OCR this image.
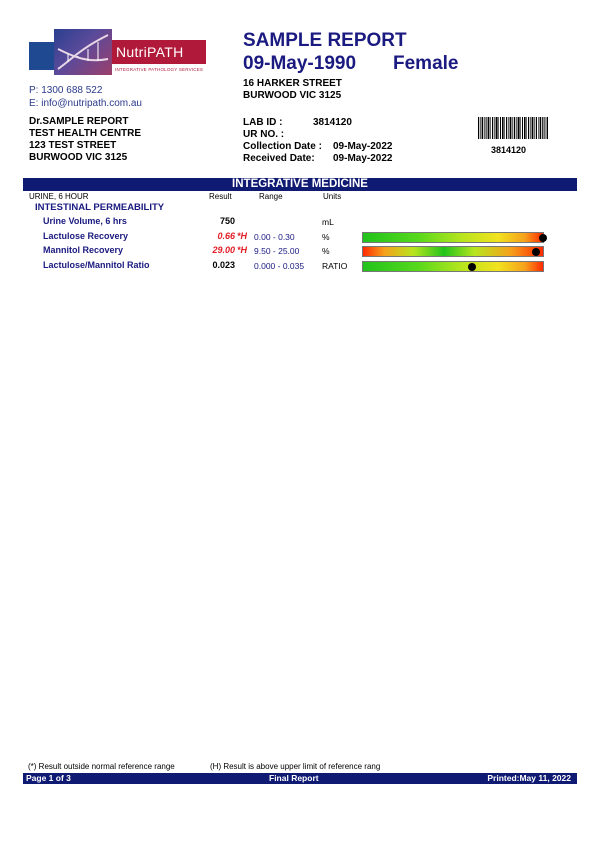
NutriPATH
INTEGRATIVE PATHOLOGY SERVICES
P: 1300 688 522
E: info@nutripath.com.au
SAMPLE REPORT
09-May-1990 Female
16 HARKER STREET
BURWOOD VIC 3125
Dr.SAMPLE REPORT
TEST HEALTH CENTRE
123 TEST STREET
BURWOOD VIC 3125
LAB ID :	3814120
UR NO. :
Collection Date : 09-May-2022
Received Date: 09-May-2022
3814120
INTEGRATIVE MEDICINE
URINE, 6 HOUR	Result	Range	Units
INTESTINAL PERMEABILITY
Urine Volume, 6 hrs	750	mL
Lactulose Recovery	0.66 *H 0.00 - 0.30	%
Mannitol Recovery	29.00 *H 9.50 - 25.00	%
Lactulose/Mannitol Ratio	0.023 0.000 - 0.035 RATIO
(*) Result outside normal reference range	(H) Result is above upper limit of reference rang
Page 1 of 3	Final Report	Printed:May 11, 2022
